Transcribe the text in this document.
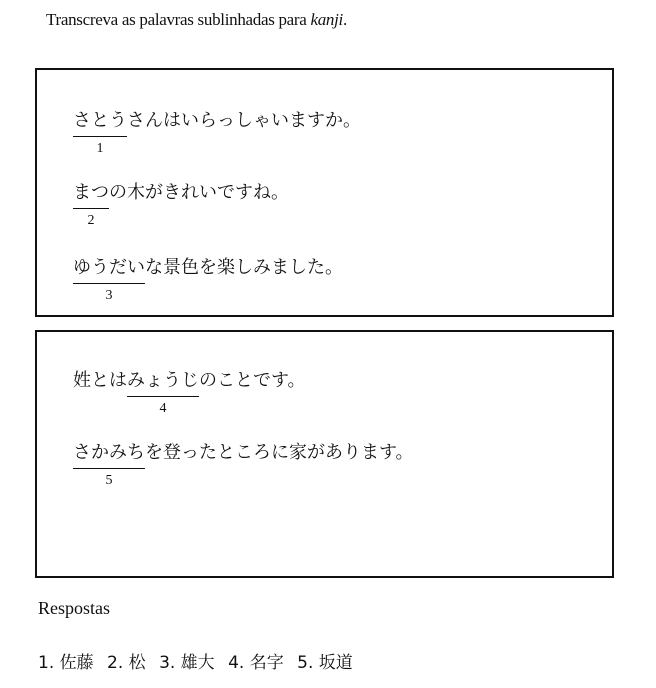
Transcreva as palavras sublinhadas para kanji.
さとう
1
さんはいらっしゃいますか。
まつ
2
の木がきれいですね。
ゆうだい
3
な景色を楽しみました。
姓とはみょうじ
4
のことです。
さかみち
5
を登ったところに家があります。
Respostas
1. 佐藤 2. 松 3. 雄大 4. 名字 5. 坂道
